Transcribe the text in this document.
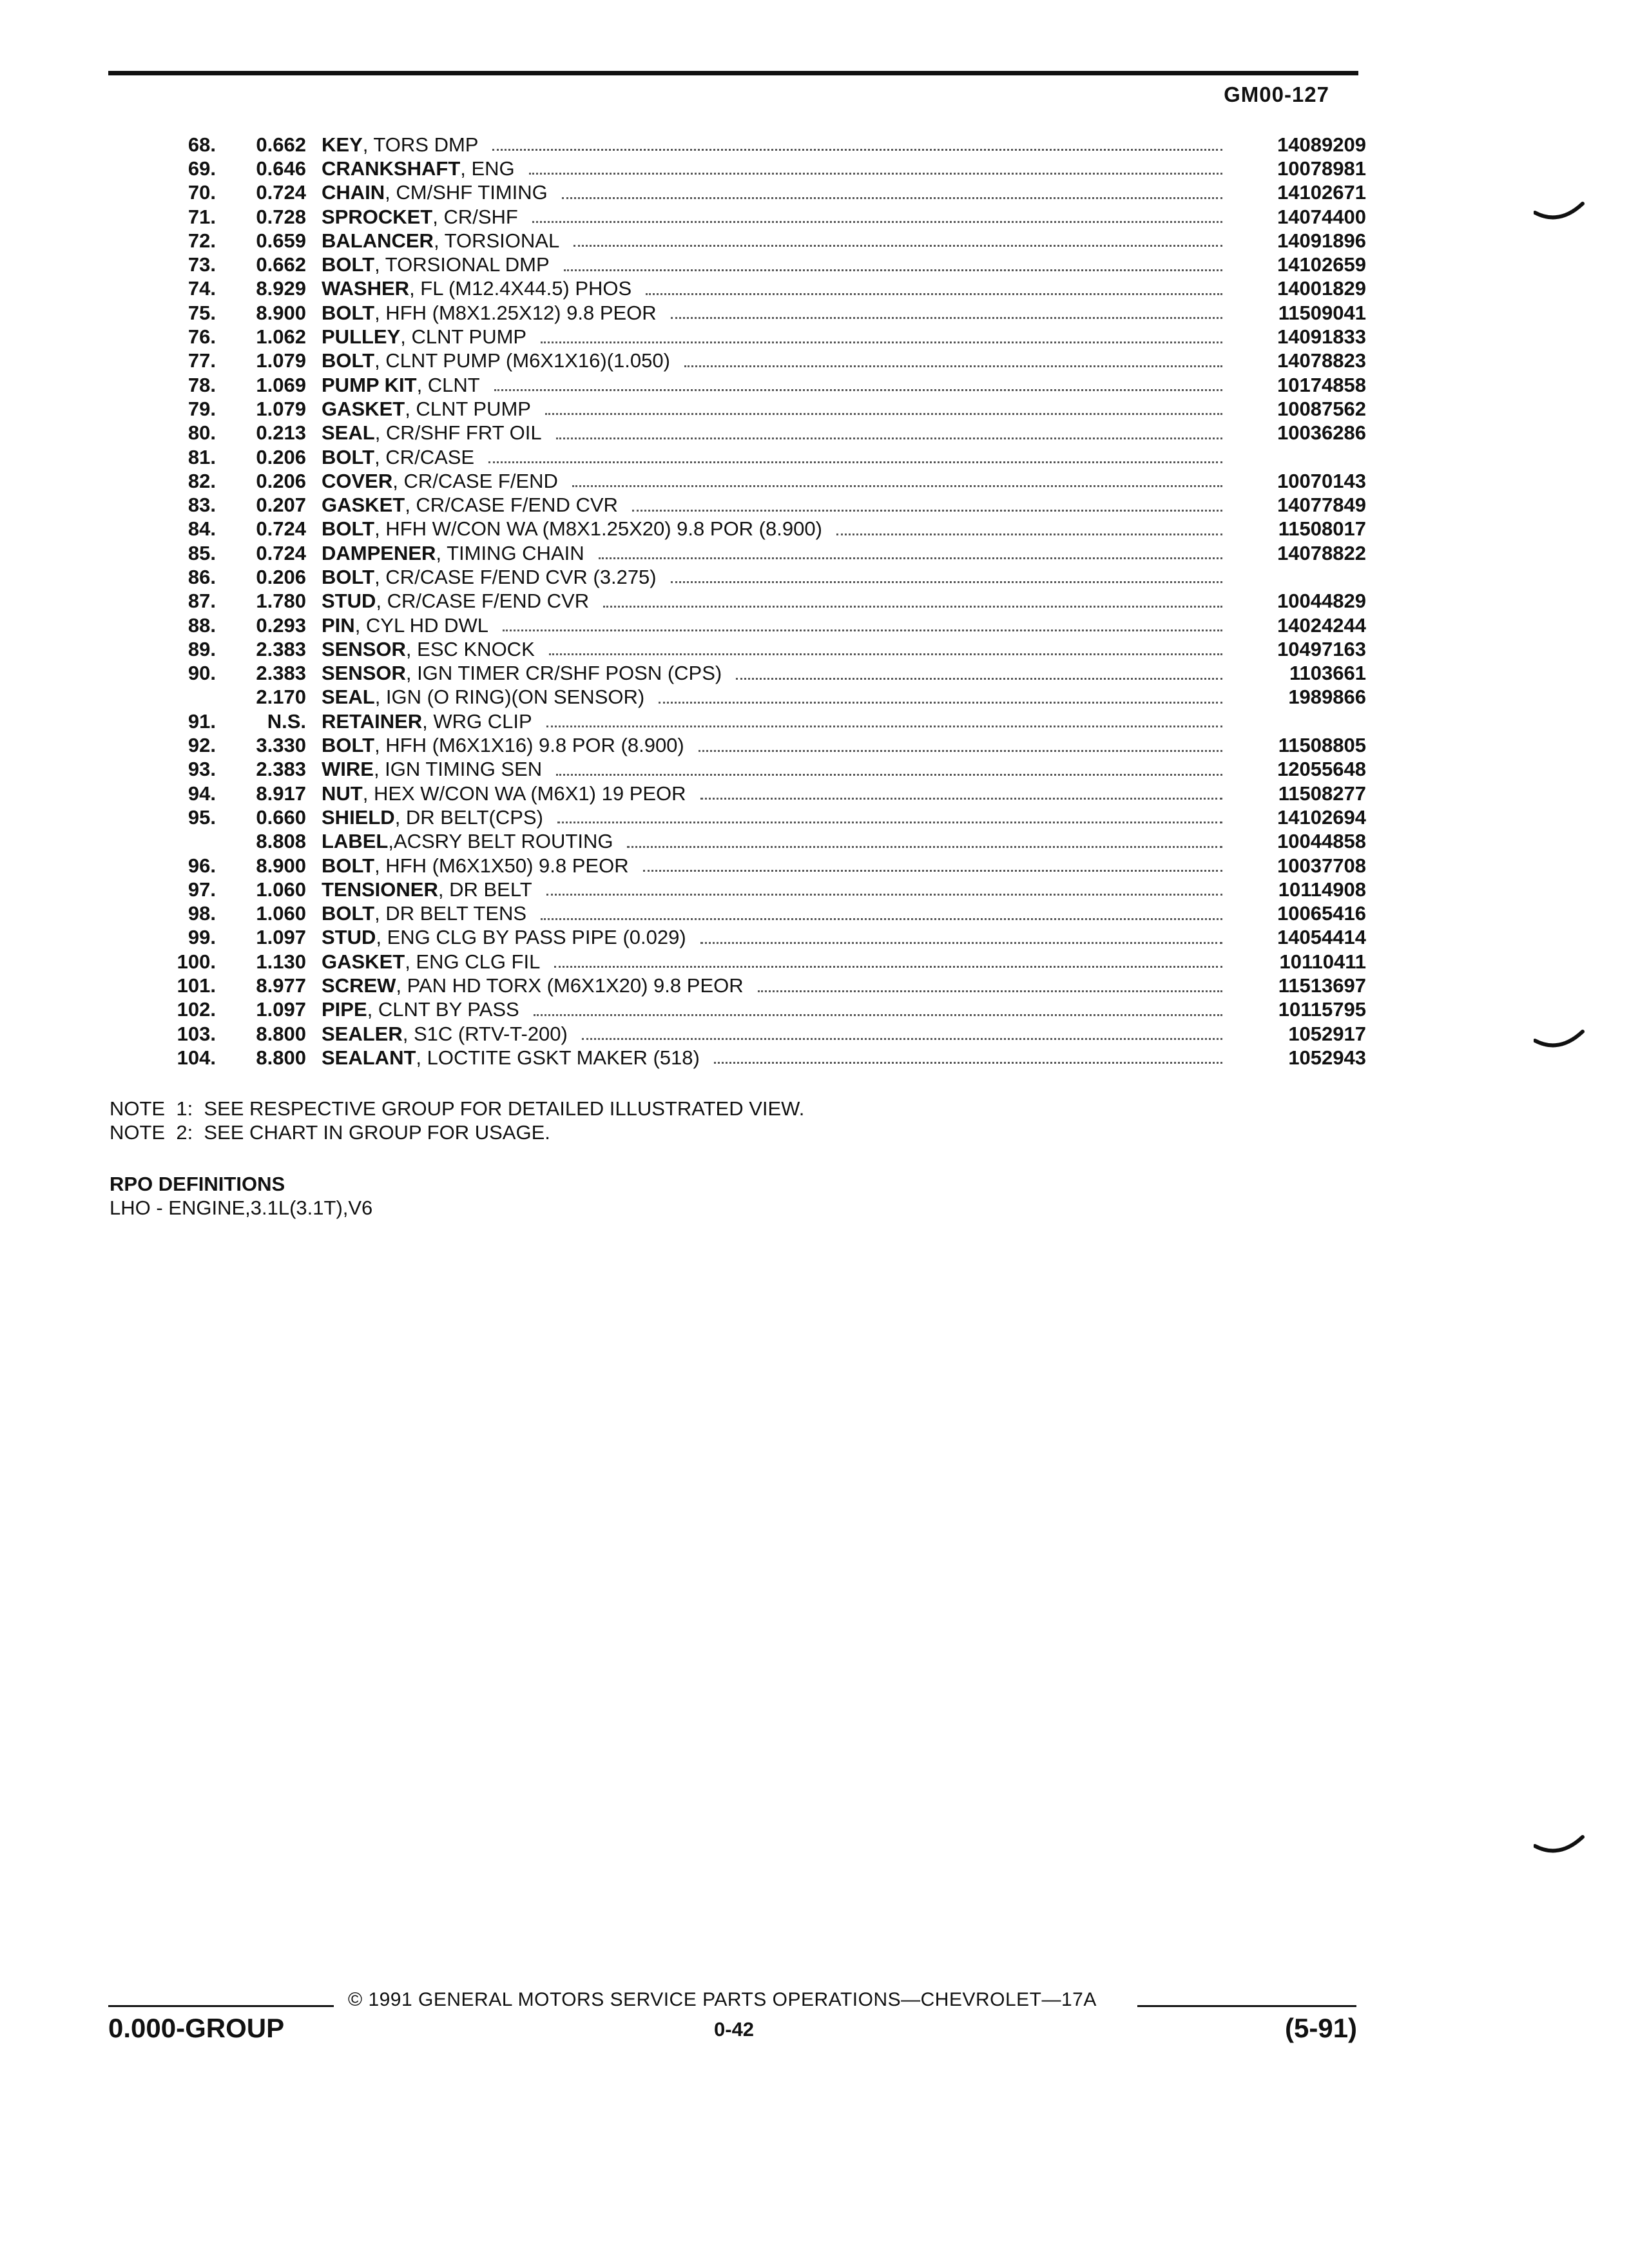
GM00-127
68.	0.662 KEY , TORS DMP	14089209
69.	0.646 CRANKSHAFT , ENG	10078981
70.	0.724 CHAIN , CM/SHF TIMING	14102671
71.	0.728 SPROCKET , CR/SHF	14074400
72.	0.659 BALANCER , TORSIONAL	14091896
73.	0.662 BOLT , TORSIONAL DMP	14102659
74.	8.929 WASHER , FL (M12.4X44.5) PHOS	14001829
75.	8.900 BOLT , HFH (M8X1.25X12) 9.8 PEOR	11509041
76.	1.062 PULLEY , CLNT PUMP	14091833
77.	1.079 BOLT , CLNT PUMP (M6X1X16)(1.050)	14078823
78.	1.069 PUMP KIT , CLNT	10174858
79.	1.079 GASKET , CLNT PUMP	10087562
80.	0.213 SEAL , CR/SHF FRT OIL	10036286
81.	0.206 BOLT , CR/CASE
82.	0.206 COVER , CR/CASE F/END	10070143
83.	0.207 GASKET , CR/CASE F/END CVR	14077849
84.	0.724 BOLT , HFH W/CON WA (M8X1.25X20) 9.8 POR (8.900)	11508017
85.	0.724 DAMPENER , TIMING CHAIN	14078822
86.	0.206 BOLT , CR/CASE F/END CVR (3.275)
87.	1.780 STUD , CR/CASE F/END CVR	10044829
88.	0.293 PIN , CYL HD DWL	14024244
89.	2.383 SENSOR , ESC KNOCK	10497163
90.	2.383 SENSOR , IGN TIMER CR/SHF POSN (CPS)	1103661
2.170 SEAL , IGN (O RING)(ON SENSOR)	1989866
91.	N.S. RETAINER , WRG CLIP
92.	3.330 BOLT , HFH (M6X1X16) 9.8 POR (8.900)	11508805
93.	2.383 WIRE , IGN TIMING SEN	12055648
94.	8.917 NUT , HEX W/CON WA (M6X1) 19 PEOR	11508277
95.	0.660 SHIELD , DR BELT(CPS)	14102694
8.808 LABEL ,ACSRY BELT ROUTING	10044858
96.	8.900 BOLT , HFH (M6X1X50) 9.8 PEOR	10037708
97.	1.060 TENSIONER , DR BELT	10114908
98.	1.060 BOLT , DR BELT TENS	10065416
99.	1.097 STUD , ENG CLG BY PASS PIPE (0.029)	14054414
100.	1.130 GASKET , ENG CLG FIL	10110411
101.	8.977 SCREW , PAN HD TORX (M6X1X20) 9.8 PEOR	11513697
102.	1.097 PIPE , CLNT BY PASS	10115795
103.	8.800 SEALER , S1C (RTV-T-200)	1052917
104.	8.800 SEALANT , LOCTITE GSKT MAKER (518)	1052943
NOTE  1:  SEE RESPECTIVE GROUP FOR DETAILED ILLUSTRATED VIEW.
NOTE  2:  SEE CHART IN GROUP FOR USAGE.
RPO DEFINITIONS
LHO - ENGINE,3.1L(3.1T),V6
© 1991 GENERAL MOTORS SERVICE PARTS OPERATIONS—CHEVROLET—17A
0.000-GROUP	0-42	(5-91)
